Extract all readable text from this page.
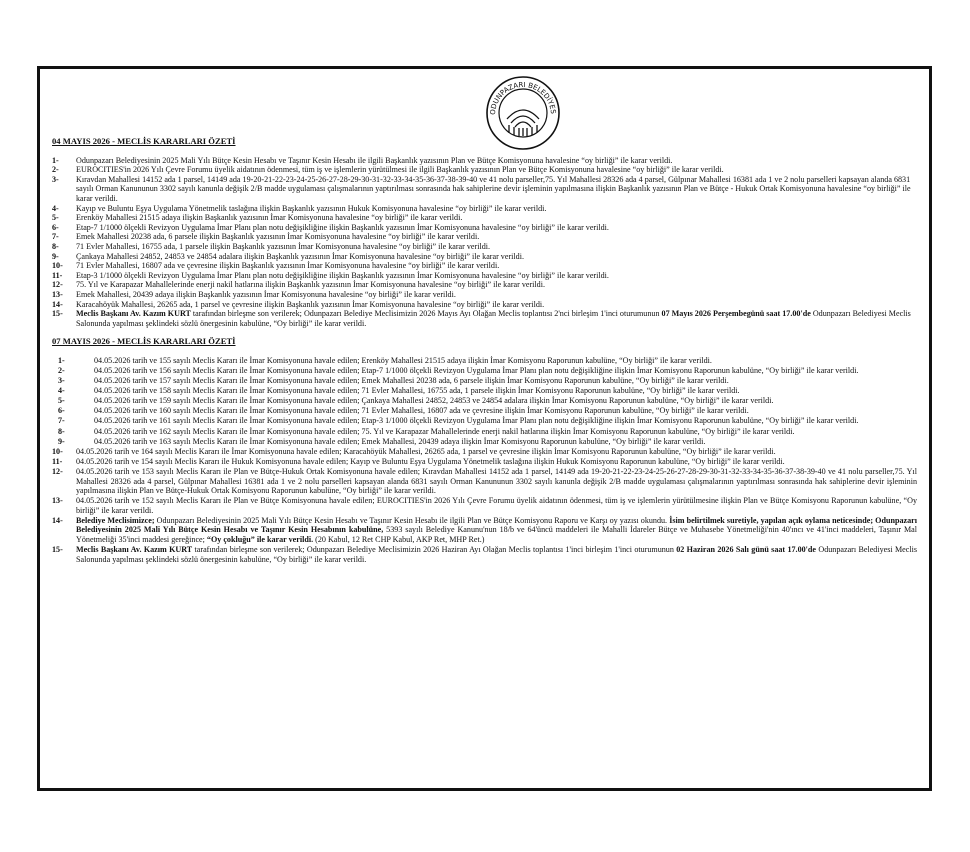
ODUNPAZARI BELEDİYES
04 MAYIS 2026 - MECLİS KARARLARI ÖZETİ
1-	Odunpazarı Belediyesinin 2025 Mali Yılı Bütçe Kesin Hesabı ve Taşınır Kesin Hesabı ile ilgili Başkanlık yazısının Plan ve Bütçe Komisyonuna havalesine “oy birliği” ile karar verildi.
2-	EUROCITIES'in 2026 Yılı Çevre Forumu üyelik aidatının ödenmesi, tüm iş ve işlemlerin yürütülmesi ile ilgili Başkanlık yazısının Plan ve Bütçe Komisyonuna havalesine “oy birliği” ile karar verildi.
3-	Kıravdan Mahallesi 14152 ada 1 parsel, 14149 ada 19-20-21-22-23-24-25-26-27-28-29-30-31-32-33-34-35-36-37-38-39-40 ve 41 nolu parseller,75. Yıl Mahallesi 28326 ada 4 parsel, Gülpınar Mahallesi 16381 ada 1 ve 2 nolu parselleri kapsayan alanda 6831 sayılı Orman Kanununun 3302 sayılı kanunla değişik 2/B madde uygulaması çalışmalarının yaptırılması sonrasında hak sahiplerine devir işleminin yapılmasına ilişkin Başkanlık yazısının Plan ve Bütçe - Hukuk Ortak Komisyonuna havalesine “oy birliği” ile karar verildi.
4-	Kayıp ve Buluntu Eşya Uygulama Yönetmelik taslağına ilişkin Başkanlık yazısının Hukuk Komisyonuna havalesine “oy birliği” ile karar verildi.
5-	Erenköy Mahallesi 21515 adaya ilişkin Başkanlık yazısının İmar Komisyonuna havalesine “oy birliği” ile karar verildi.
6-	Etap-7 1/1000 ölçekli Revizyon Uygulama İmar Planı plan notu değişikliğine ilişkin Başkanlık yazısının İmar Komisyonuna havalesine “oy birliği” ile karar verildi.
7-	Emek Mahallesi 20238 ada, 6 parsele ilişkin Başkanlık yazısının İmar Komisyonuna havalesine “oy birliği” ile karar verildi.
8-	71 Evler Mahallesi, 16755 ada, 1 parsele ilişkin Başkanlık yazısının İmar Komisyonuna havalesine “oy birliği” ile karar verildi.
9-	Çankaya Mahallesi 24852, 24853 ve 24854 adalara ilişkin Başkanlık yazısının İmar Komisyonuna havalesine “oy birliği” ile karar verildi.
10-	71 Evler Mahallesi, 16807 ada ve çevresine ilişkin Başkanlık yazısının İmar Komisyonuna havalesine “oy birliği” ile karar verildi.
11-	Etap-3 1/1000 ölçekli Revizyon Uygulama İmar Planı plan notu değişikliğine ilişkin Başkanlık yazısının İmar Komisyonuna havalesine “oy birliği” ile karar verildi.
12-	75. Yıl ve Karapazar Mahallelerinde enerji nakil hatlarına ilişkin Başkanlık yazısının İmar Komisyonuna havalesine “oy birliği” ile karar verildi.
13-	Emek Mahallesi, 20439 adaya ilişkin Başkanlık yazısının İmar Komisyonuna havalesine “oy birliği” ile karar verildi.
14-	Karacahöyük Mahallesi, 26265 ada, 1 parsel ve çevresine ilişkin Başkanlık yazısının İmar Komisyonuna havalesine “oy birliği” ile karar verildi.
15-	Meclis Başkanı Av. Kazım KURT tarafından birleşme son verilerek; Odunpazarı Belediye Meclisimizin 2026 Mayıs Ayı Olağan Meclis toplantısı 2'nci birleşim 1'inci oturumunun 07 Mayıs 2026 Perşembegünü saat 17.00'de Odunpazarı Belediyesi Meclis Salonunda yapılması şeklindeki sözlü önergesinin kabulüne, “Oy birliği” ile karar verildi.
07 MAYIS 2026 - MECLİS KARARLARI ÖZETİ
1-	04.05.2026 tarih ve 155 sayılı Meclis Kararı ile İmar Komisyonuna havale edilen; Erenköy Mahallesi 21515 adaya ilişkin İmar Komisyonu Raporunun kabulüne, “Oy birliği” ile karar verildi.
2-	04.05.2026 tarih ve 156 sayılı Meclis Kararı ile İmar Komisyonuna havale edilen; Etap-7 1/1000 ölçekli Revizyon Uygulama İmar Planı plan notu değişikliğine ilişkin İmar Komisyonu Raporunun kabulüne, “Oy birliği” ile karar verildi.
3-	04.05.2026 tarih ve 157 sayılı Meclis Kararı ile İmar Komisyonuna havale edilen; Emek Mahallesi 20238 ada, 6 parsele ilişkin İmar Komisyonu Raporunun kabulüne, “Oy birliği” ile karar verildi.
4-	04.05.2026 tarih ve 158 sayılı Meclis Kararı ile İmar Komisyonuna havale edilen; 71 Evler Mahallesi, 16755 ada, 1 parsele ilişkin İmar Komisyonu Raporunun kabulüne, “Oy birliği” ile karar verildi.
5-	04.05.2026 tarih ve 159 sayılı Meclis Kararı ile İmar Komisyonuna havale edilen; Çankaya Mahallesi 24852, 24853 ve 24854 adalara ilişkin İmar Komisyonu Raporunun kabulüne, “Oy birliği” ile karar verildi.
6-	04.05.2026 tarih ve 160 sayılı Meclis Kararı ile İmar Komisyonuna havale edilen; 71 Evler Mahallesi, 16807 ada ve çevresine ilişkin İmar Komisyonu Raporunun kabulüne, “Oy birliği” ile karar verildi.
7-	04.05.2026 tarih ve 161 sayılı Meclis Kararı ile İmar Komisyonuna havale edilen; Etap-3 1/1000 ölçekli Revizyon Uygulama İmar Planı plan notu değişikliğine ilişkin İmar Komisyonu Raporunun kabulüne, “Oy birliği” ile karar verildi.
8-	04.05.2026 tarih ve 162 sayılı Meclis Kararı ile İmar Komisyonuna havale edilen; 75. Yıl ve Karapazar Mahallelerinde enerji nakil hatlarına ilişkin İmar Komisyonu Raporunun kabulüne, “Oy birliği” ile karar verildi.
9-	04.05.2026 tarih ve 163 sayılı Meclis Kararı ile İmar Komisyonuna havale edilen; Emek Mahallesi, 20439 adaya ilişkin İmar Komisyonu Raporunun kabulüne, “Oy birliği” ile karar verildi.
10-	04.05.2026 tarih ve 164 sayılı Meclis Kararı ile İmar Komisyonuna havale edilen; Karacahöyük Mahallesi, 26265 ada, 1 parsel ve çevresine ilişkin İmar Komisyonu Raporunun kabulüne, “Oy birliği” ile karar verildi.
11-	04.05.2026 tarih ve 154 sayılı Meclis Kararı ile Hukuk Komisyonuna havale edilen; Kayıp ve Buluntu Eşya Uygulama Yönetmelik taslağına ilişkin Hukuk Komisyonu Raporunun kabulüne, “Oy birliği” ile karar verildi.
12-	04.05.2026 tarih ve 153 sayılı Meclis Kararı ile Plan ve Bütçe-Hukuk Ortak Komisyonuna havale edilen; Kıravdan Mahallesi 14152 ada 1 parsel, 14149 ada 19-20-21-22-23-24-25-26-27-28-29-30-31-32-33-34-35-36-37-38-39-40 ve 41 nolu parseller,75. Yıl Mahallesi 28326 ada 4 parsel, Gülpınar Mahallesi 16381 ada 1 ve 2 nolu parselleri kapsayan alanda 6831 sayılı Orman Kanununun 3302 sayılı kanunla değişik 2/B madde uygulaması çalışmalarının yaptırılması sonrasında hak sahiplerine devir işleminin yapılmasına ilişkin Plan ve Bütçe-Hukuk Ortak Komisyonu Raporunun kabulüne, “Oy birliği” ile karar verildi.
13-	04.05.2026 tarih ve 152 sayılı Meclis Kararı ile Plan ve Bütçe Komisyonuna havale edilen; EUROCITIES'in 2026 Yılı Çevre Forumu üyelik aidatının ödenmesi, tüm iş ve işlemlerin yürütülmesine ilişkin Plan ve Bütçe Komisyonu Raporunun kabulüne, “Oy birliği” ile karar verildi.
14-	Belediye Meclisimizce; Odunpazarı Belediyesinin 2025 Mali Yılı Bütçe Kesin Hesabı ve Taşınır Kesin Hesabı ile ilgili Plan ve Bütçe Komisyonu Raporu ve Karşı oy yazısı okundu. İsim belirtilmek suretiyle, yapılan açık oylama neticesinde; Odunpazarı Belediyesinin 2025 Mali Yılı Bütçe Kesin Hesabı ve Taşınır Kesin Hesabının kabulüne, 5393 sayılı Belediye Kanunu'nun 18/b ve 64'üncü maddeleri ile Mahalli İdareler Bütçe ve Muhasebe Yönetmeliği'nin 40'ıncı ve 41'inci maddeleri, Taşınır Mal Yönetmeliği 35'inci maddesi gereğince; “Oy çokluğu” ile karar verildi. (20 Kabul, 12 Ret CHP Kabul, AKP Ret, MHP Ret.)
15-	Meclis Başkanı Av. Kazım KURT tarafından birleşme son verilerek; Odunpazarı Belediye Meclisimizin 2026 Haziran Ayı Olağan Meclis toplantısı 1'inci birleşim 1'inci oturumunun 02 Haziran 2026 Salı günü saat 17.00'de Odunpazarı Belediyesi Meclis Salonunda yapılması şeklindeki sözlü önergesinin kabulüne, “Oy birliği” ile karar verildi.
